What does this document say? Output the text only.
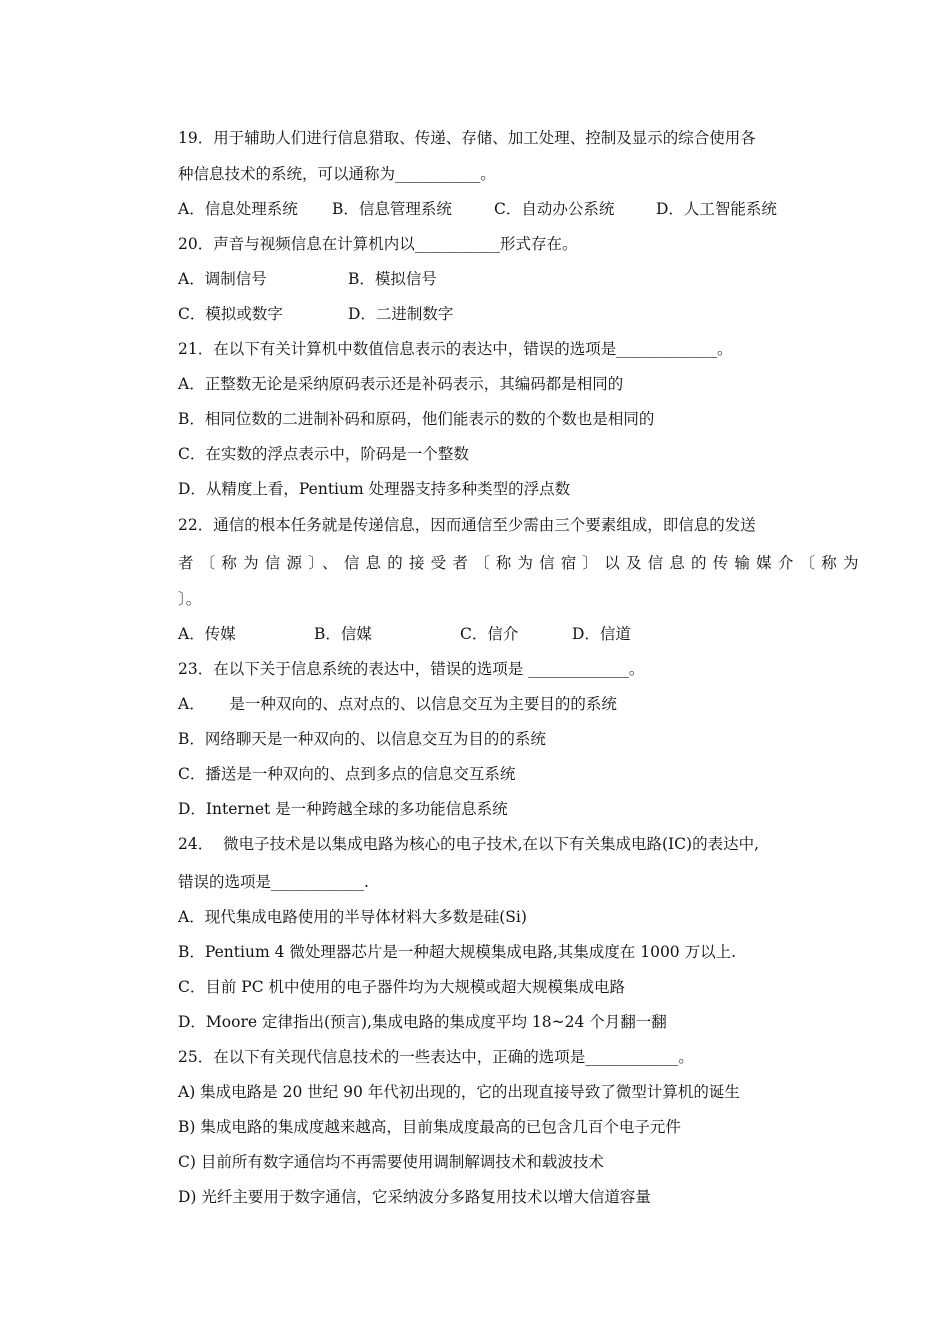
19．用于辅助人们进行信息猎取、传递、存储、加工处理、控制及显示的综合使用各
种信息技术的系统，可以通称为___________。
A．信息处理系统 B．信息管理系统	C．自动办公系统	D．人工智能系统
20．声音与视频信息在计算机内以___________形式存在。
A．调制信号	B．模拟信号
C．模拟或数字	D．二进制数字
21．在以下有关计算机中数值信息表示的表达中，错误的选项是_____________。
A．正整数无论是采纳原码表示还是补码表示，其编码都是相同的
B．相同位数的二进制补码和原码，他们能表示的数的个数也是相同的
C．在实数的浮点表示中，阶码是一个整数
D．从精度上看，Pentium 处理器支持多种类型的浮点数
22．通信的根本任务就是传递信息，因而通信至少需由三个要素组成，即信息的发送
者〔称为信源〕、信息的接受者〔称为信宿〕以及信息的传输媒介〔称为
〕。
A．传媒	B．信媒	C．信介	D．信道
23．在以下关于信息系统的表达中，错误的选项是 _____________。
A．     是一种双向的、点对点的、以信息交互为主要目的的系统
B．网络聊天是一种双向的、以信息交互为目的的系统
C．播送是一种双向的、点到多点的信息交互系统
D．Internet 是一种跨越全球的多功能信息系统
24．  微电子技术是以集成电路为核心的电子技术,在以下有关集成电路(IC)的表达中,
错误的选项是____________.
A．现代集成电路使用的半导体材料大多数是硅(Si)
B．Pentium 4 微处理器芯片是一种超大规模集成电路,其集成度在 1000 万以上.
C．目前 PC 机中使用的电子器件均为大规模或超大规模集成电路
D．Moore 定律指出(预言),集成电路的集成度平均 18~24 个月翻一翻
25．在以下有关现代信息技术的一些表达中，正确的选项是____________。
A) 集成电路是 20 世纪 90 年代初出现的，它的出现直接导致了微型计算机的诞生
B) 集成电路的集成度越来越高，目前集成度最高的已包含几百个电子元件
C) 目前所有数字通信均不再需要使用调制解调技术和载波技术
D) 光纤主要用于数字通信，它采纳波分多路复用技术以增大信道容量
